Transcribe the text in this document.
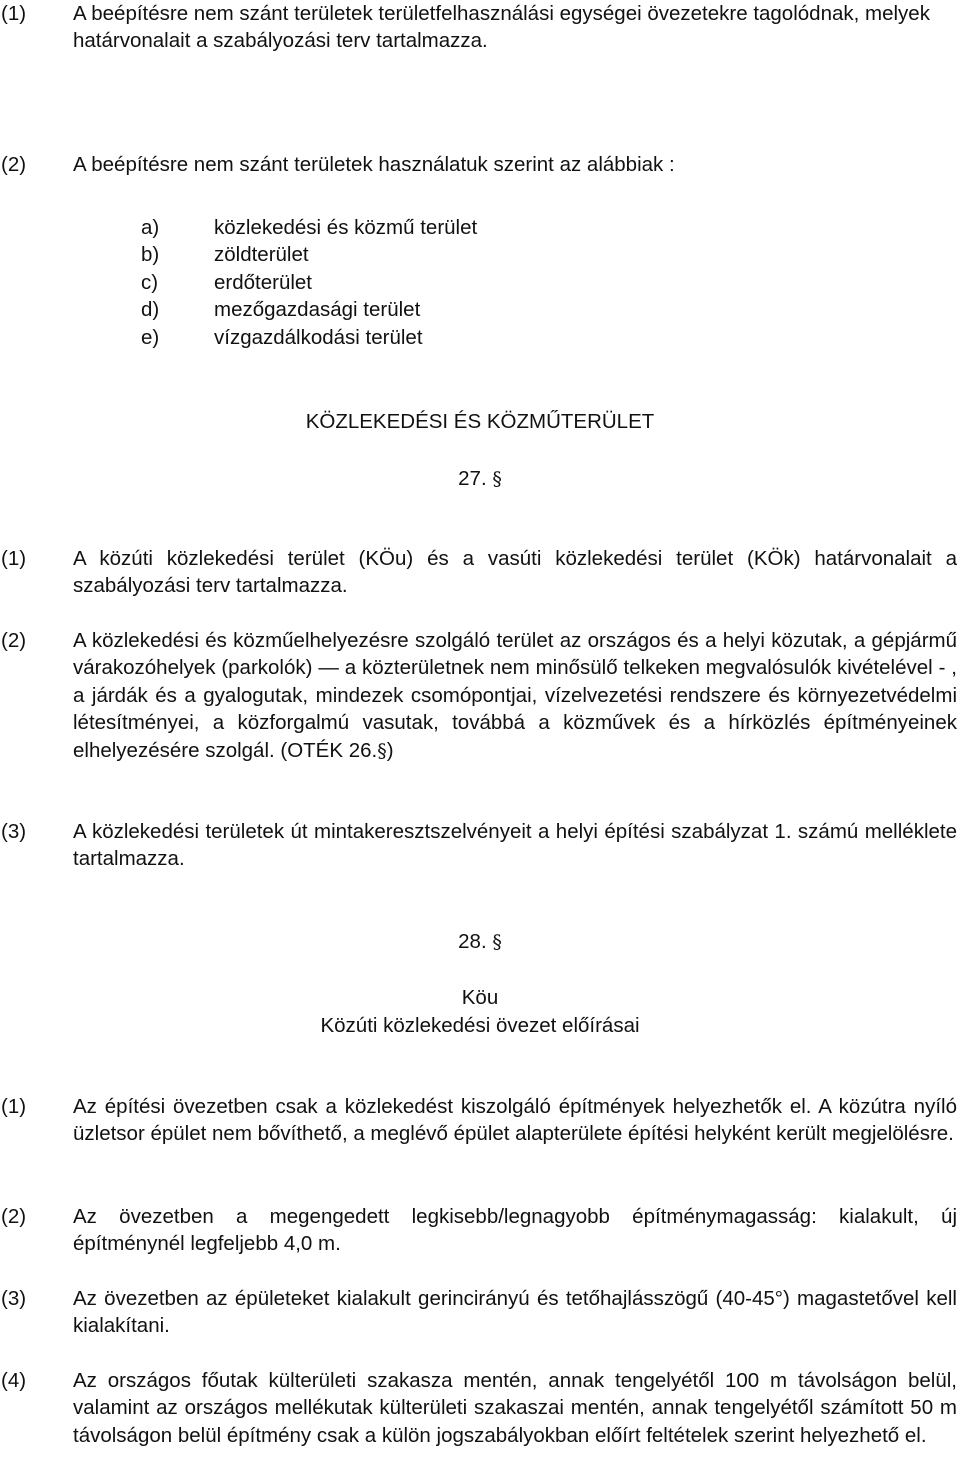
(1) A beépítésre nem szánt területek területfelhasználási egységei övezetekre tagolódnak, melyek határvonalait a szabályozási terv tartalmazza.
(2) A beépítésre nem szánt területek használatuk szerint az alábbiak :
a)	közlekedési és közmű terület
b)	zöldterület
c)	erdőterület
d)	mezőgazdasági terület
e)	vízgazdálkodási terület
KÖZLEKEDÉSI ÉS KÖZMŰTERÜLET
27. §
(1) A közúti közlekedési terület (KÖu) és a vasúti közlekedési terület (KÖk) határvonalait a szabályozási terv tartalmazza.
(2) A közlekedési és közműelhelyezésre szolgáló terület az országos és a helyi közutak, a gépjármű várakozóhelyek (parkolók) — a közterületnek nem minősülő telkeken megvalósulók kivételével - , a járdák és a gyalogutak, mindezek csomópontjai, vízelvezetési rendszere és környezetvédelmi létesítményei, a közforgalmú vasutak, továbbá a közművek és a hírközlés építményeinek elhelyezésére szolgál. (OTÉK 26.§)
(3) A közlekedési területek út mintakeresztszelvényeit a helyi építési szabályzat 1. számú melléklete tartalmazza.
28. §
Köu
Közúti közlekedési övezet előírásai
(1) Az építési övezetben csak a közlekedést kiszolgáló építmények helyezhetők el. A közútra nyíló üzletsor épület nem bővíthető, a meglévő épület alapterülete építési helyként került megjelölésre.
(2) Az övezetben a megengedett legkisebb/legnagyobb építménymagasság: kialakult, új építménynél legfeljebb 4,0 m.
(3) Az övezetben az épületeket kialakult gerincirányú és tetőhajlásszögű (40-45°) magastetővel kell kialakítani.
(4) Az országos főutak külterületi szakasza mentén, annak tengelyétől 100 m távolságon belül, valamint az országos mellékutak külterületi szakaszai mentén, annak tengelyétől számított 50 m távolságon belül építmény csak a külön jogszabályokban előírt feltételek szerint helyezhető el.
